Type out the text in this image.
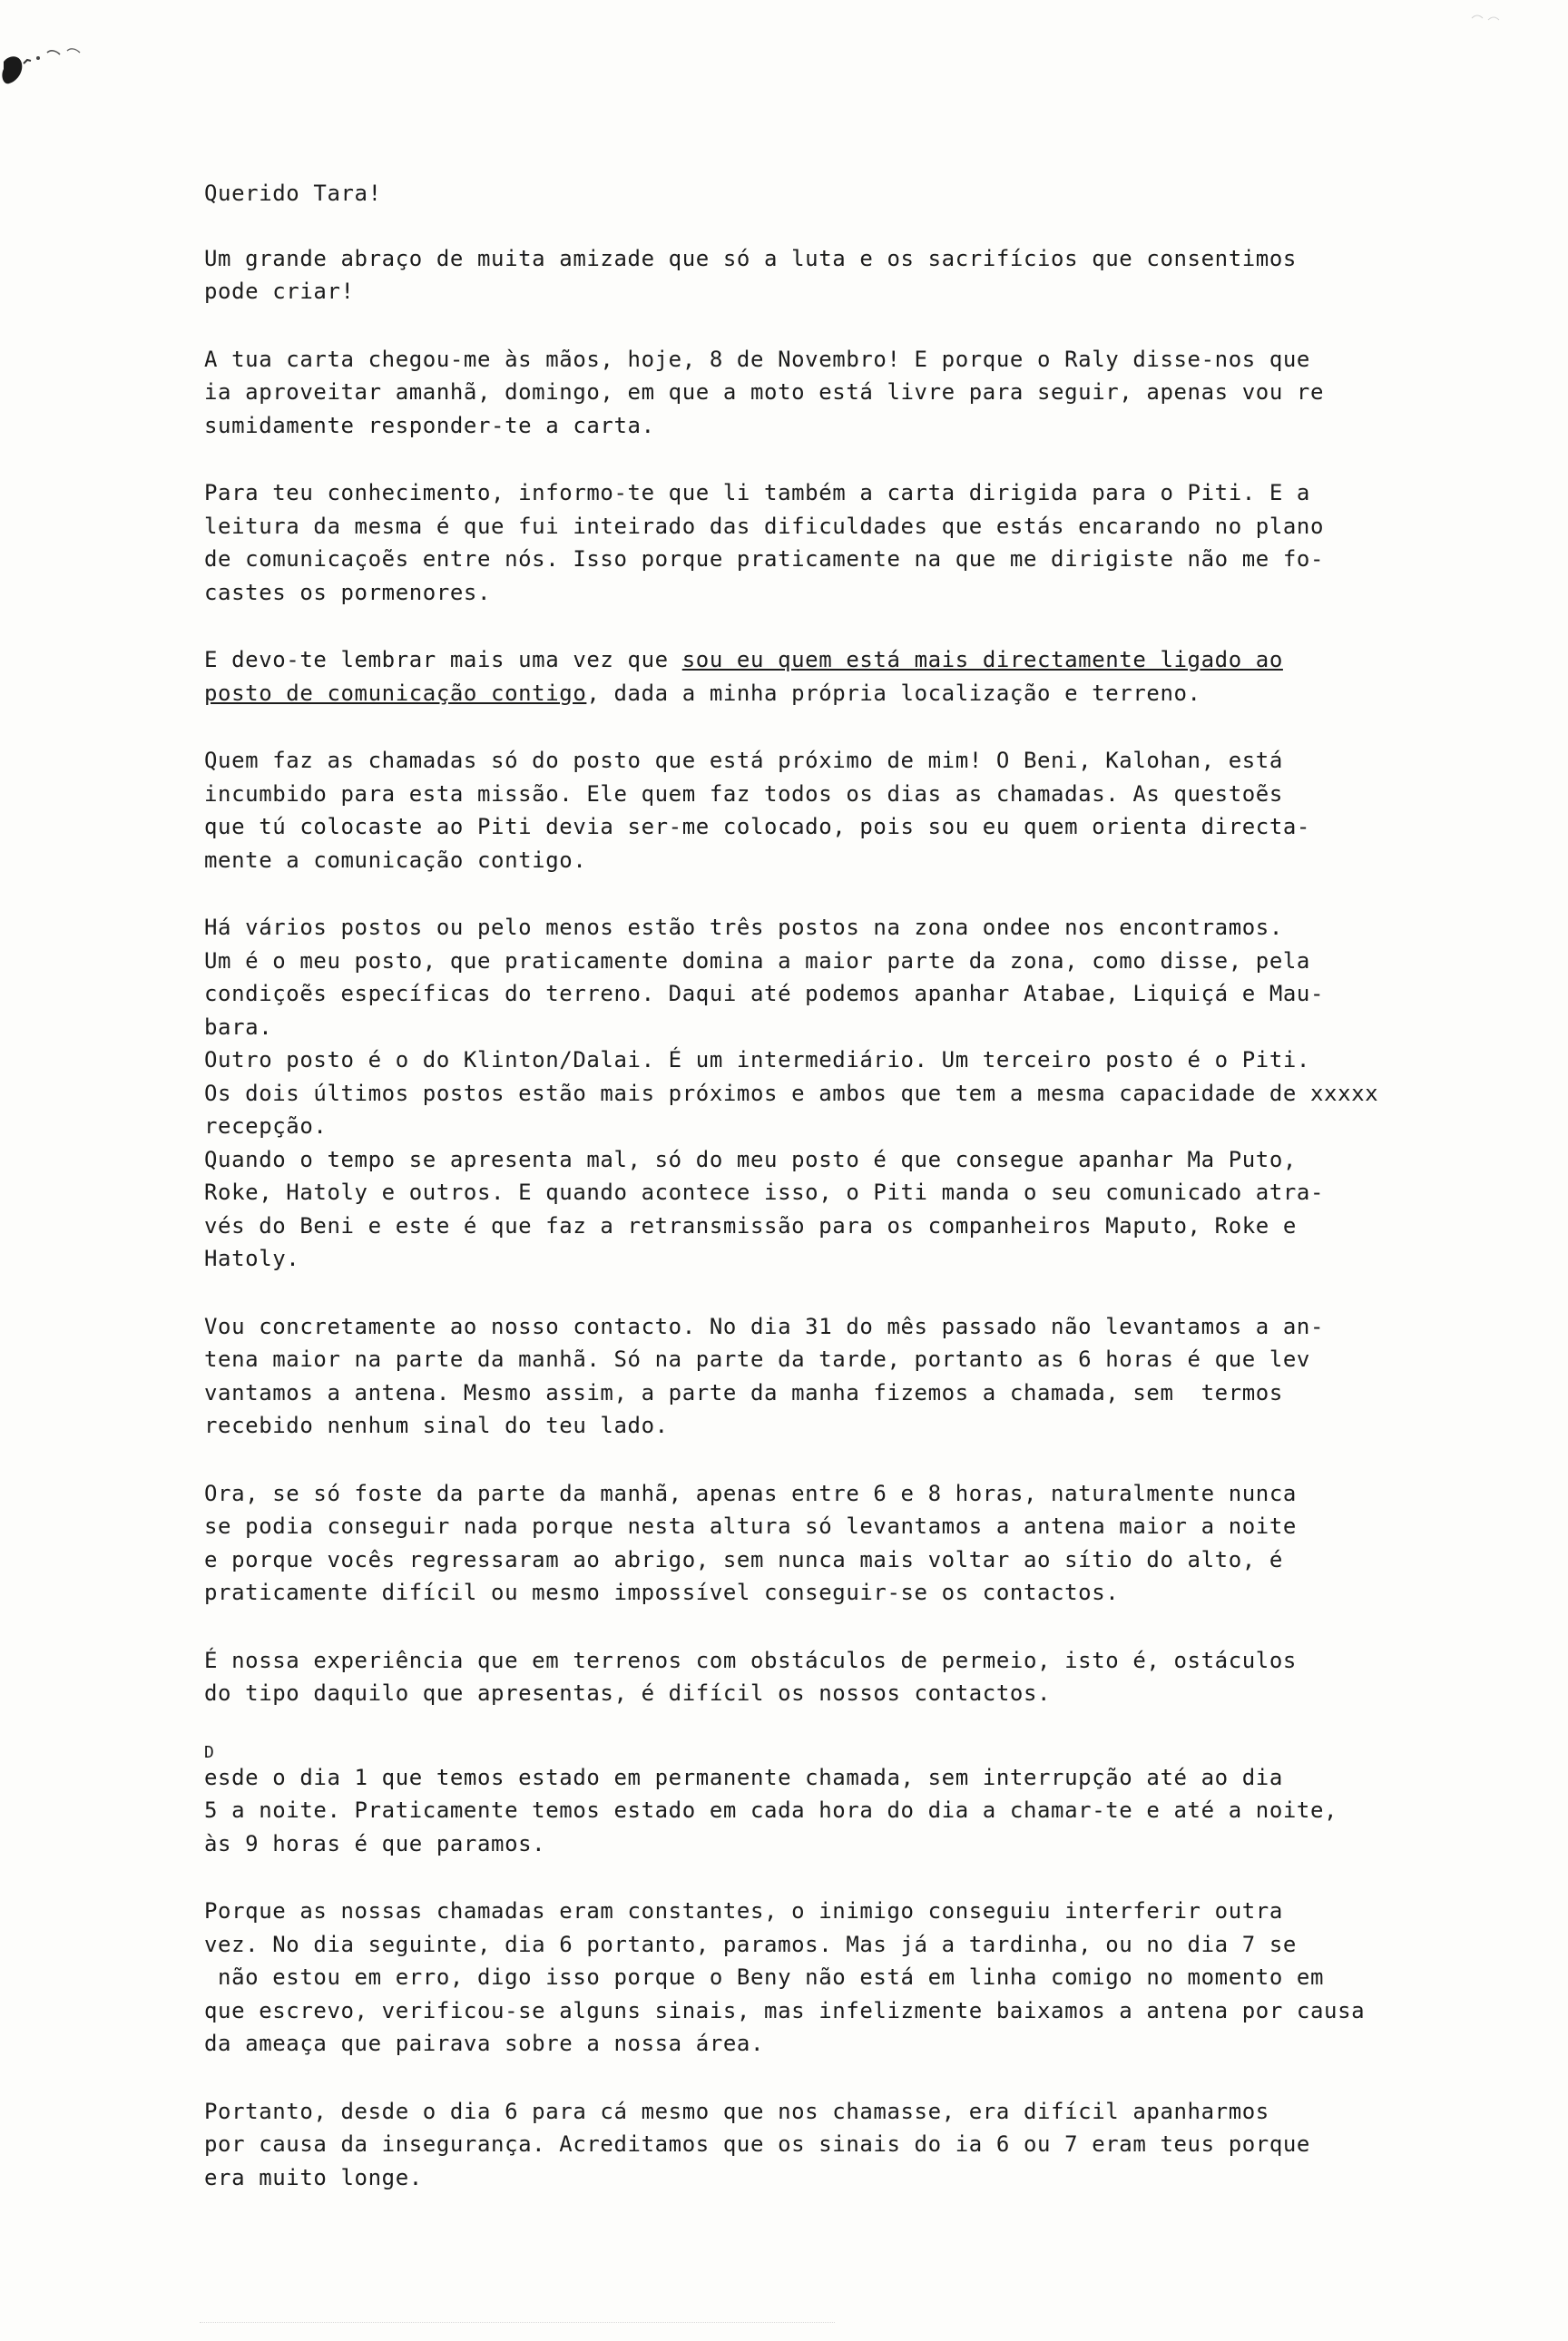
Querido Tara!
Um grande abraço de muita amizade que só a luta e os sacrifícios que consentimos
pode criar!
A tua carta chegou-me às mãos, hoje, 8 de Novembro! E porque o Raly disse-nos que
ia aproveitar amanhã, domingo, em que a moto está livre para seguir, apenas vou re
sumidamente responder-te a carta.
Para teu conhecimento, informo-te que li também a carta dirigida para o Piti. E a
leitura da mesma é que fui inteirado das dificuldades que estás encarando no plano
de comunicaçoẽs entre nós. Isso porque praticamente na que me dirigiste não me fo-
castes os pormenores.
E devo-te lembrar mais uma vez que sou eu quem está mais directamente ligado ao
posto de comunicação contigo, dada a minha própria localização e terreno.
Quem faz as chamadas só do posto que está próximo de mim! O Beni, Kalohan, está
incumbido para esta missão. Ele quem faz todos os dias as chamadas. As questoẽs
que tú colocaste ao Piti devia ser-me colocado, pois sou eu quem orienta directa-
mente a comunicação contigo.
Há vários postos ou pelo menos estão três postos na zona ondee nos encontramos.
Um é o meu posto, que praticamente domina a maior parte da zona, como disse, pela
condiçoẽs específicas do terreno. Daqui até podemos apanhar Atabae, Liquiçá e Mau-
bara.
Outro posto é o do Klinton/Dalai. É um intermediário. Um terceiro posto é o Piti.
Os dois últimos postos estão mais próximos e ambos que tem a mesma capacidade de xxxxx
recepção.
Quando o tempo se apresenta mal, só do meu posto é que consegue apanhar Ma Puto,
Roke, Hatoly e outros. E quando acontece isso, o Piti manda o seu comunicado atra-
vés do Beni e este é que faz a retransmissão para os companheiros Maputo, Roke e
Hatoly.
Vou concretamente ao nosso contacto. No dia 31 do mês passado não levantamos a an-
tena maior na parte da manhã. Só na parte da tarde, portanto as 6 horas é que lev
vantamos a antena. Mesmo assim, a parte da manha fizemos a chamada, sem  termos
recebido nenhum sinal do teu lado.
Ora, se só foste da parte da manhã, apenas entre 6 e 8 horas, naturalmente nunca
se podia conseguir nada porque nesta altura só levantamos a antena maior a noite
e porque vocês regressaram ao abrigo, sem nunca mais voltar ao sítio do alto, é
praticamente difícil ou mesmo impossível conseguir-se os contactos.
É nossa experiência que em terrenos com obstáculos de permeio, isto é, ostáculos
do tipo daquilo que apresentas, é difícil os nossos contactos.
D
esde o dia 1 que temos estado em permanente chamada, sem interrupção até ao dia
5 a noite. Praticamente temos estado em cada hora do dia a chamar-te e até a noite,
às 9 horas é que paramos.
Porque as nossas chamadas eram constantes, o inimigo conseguiu interferir outra
vez. No dia seguinte, dia 6 portanto, paramos. Mas já a tardinha, ou no dia 7 se
não estou em erro, digo isso porque o Beny não está em linha comigo no momento em
que escrevo, verificou-se alguns sinais, mas infelizmente baixamos a antena por causa
da ameaça que pairava sobre a nossa área.
Portanto, desde o dia 6 para cá mesmo que nos chamasse, era difícil apanharmos
por causa da insegurança. Acreditamos que os sinais do ia 6 ou 7 eram teus porque
era muito longe.
